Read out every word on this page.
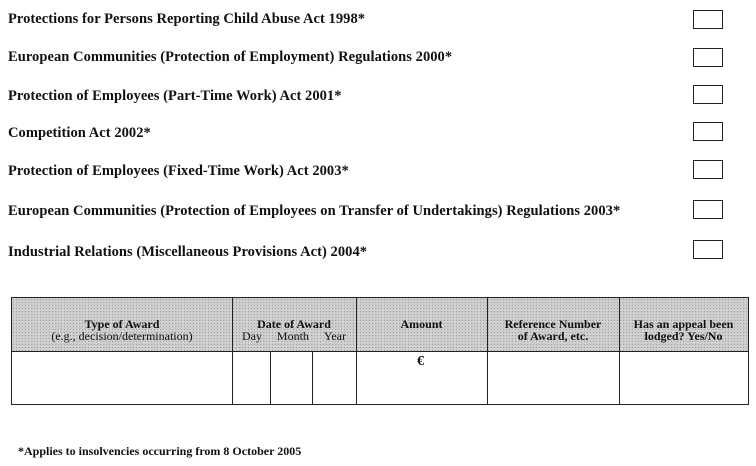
Protections for Persons Reporting Child Abuse Act 1998*
European Communities (Protection of Employment) Regulations 2000*
Protection of Employees (Part-Time Work) Act 2001*
Competition Act 2002*
Protection of Employees (Fixed-Time Work) Act 2003*
European Communities (Protection of Employees on Transfer of Undertakings) Regulations 2003*
Industrial Relations (Miscellaneous Provisions Act) 2004*
Type of Award
(e.g., decision/determination)
Date of Award
Day Month Year
Amount	Reference Number
of Award, etc.
Has an appeal been
lodged? Yes/No
€
*Applies to insolvencies occurring from 8 October 2005
